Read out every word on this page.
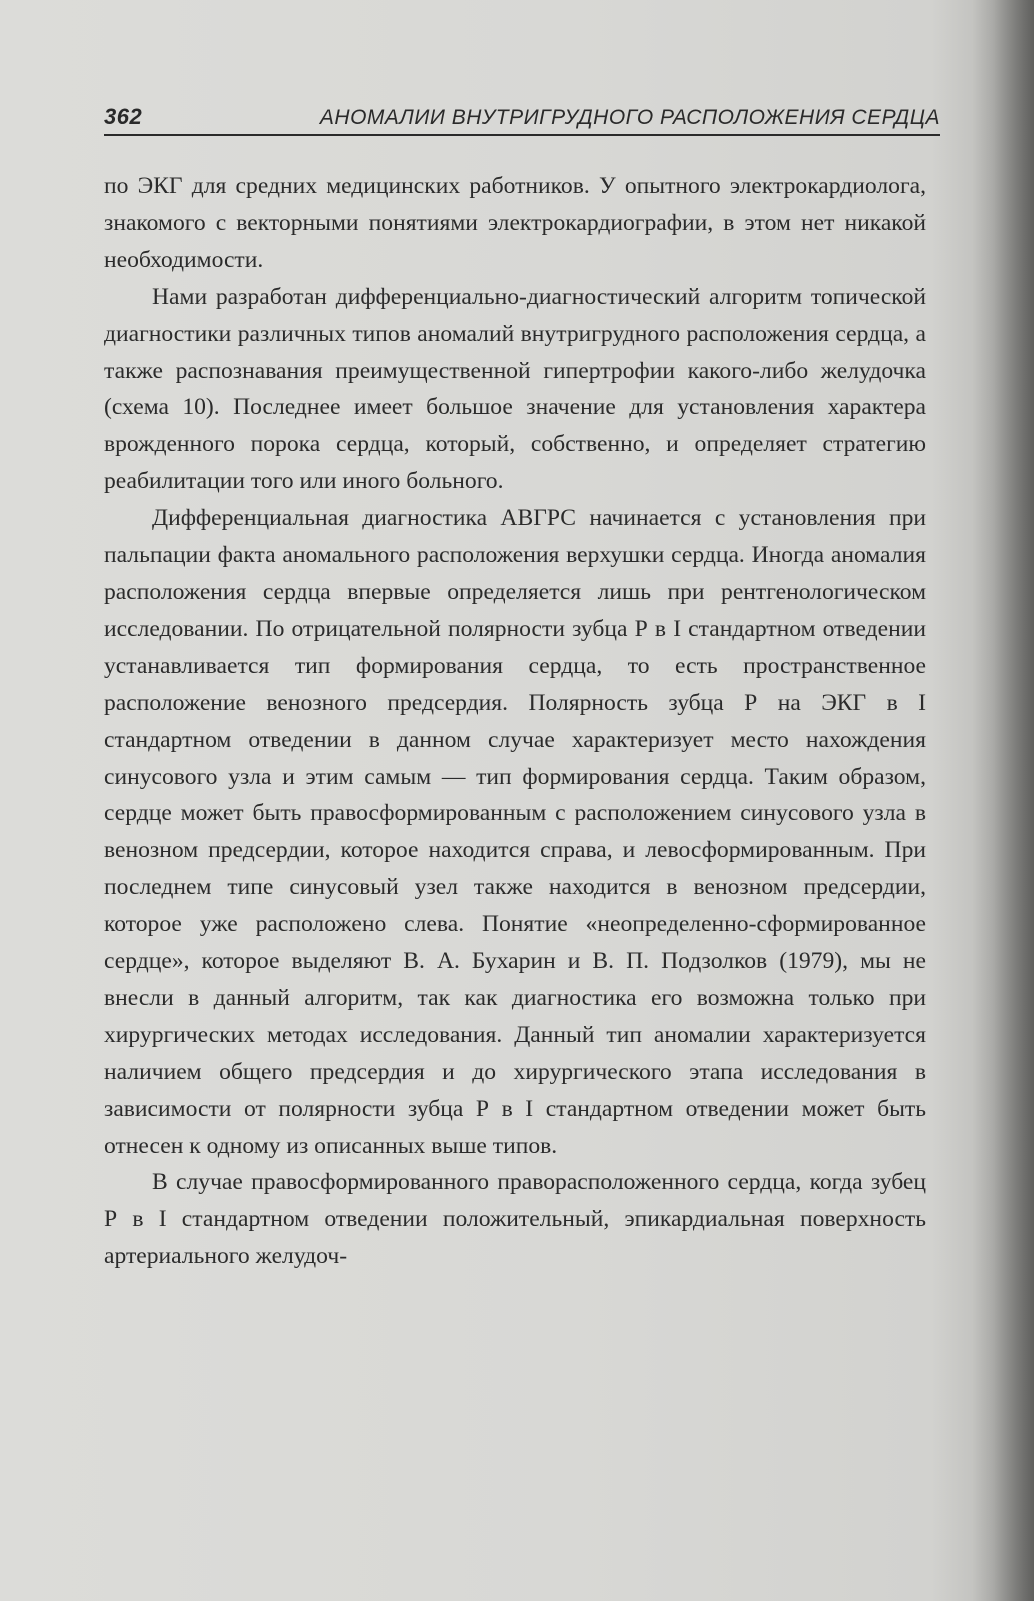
362	АНОМАЛИИ ВНУТРИГРУДНОГО РАСПОЛОЖЕНИЯ СЕРДЦА

по ЭКГ для средних медицинских работников. У опытного электрокардиолога, знакомого с векторными понятиями электрокардиографии, в этом нет никакой необходимости.

Нами разработан дифференциально-диагностический алгоритм топической диагностики различных типов аномалий внутригрудного расположения сердца, а также распознавания преимущественной гипертрофии какого-либо желудочка (схема 10). Последнее имеет большое значение для установления характера врожденного порока сердца, который, собственно, и определяет стратегию реабилитации того или иного больного.

Дифференциальная диагностика АВГРС начинается с установления при пальпации факта аномального расположения верхушки сердца. Иногда аномалия расположения сердца впервые определяется лишь при рентгенологическом исследовании. По отрицательной полярности зубца Р в I стандартном отведении устанавливается тип формирования сердца, то есть пространственное расположение венозного предсердия. Полярность зубца Р на ЭКГ в I стандартном отведении в данном случае характеризует место нахождения синусового узла и этим самым — тип формирования сердца. Таким образом, сердце может быть правосформированным с расположением синусового узла в венозном предсердии, которое находится справа, и левосформированным. При последнем типе синусовый узел также находится в венозном предсердии, которое уже расположено слева. Понятие «неопределенно-сформированное сердце», которое выделяют В. А. Бухарин и В. П. Подзолков (1979), мы не внесли в данный алгоритм, так как диагностика его возможна только при хирургических методах исследования. Данный тип аномалии характеризуется наличием общего предсердия и до хирургического этапа исследования в зависимости от полярности зубца Р в I стандартном отведении может быть отнесен к одному из описанных выше типов.

В случае правосформированного праворасположенного сердца, когда зубец Р в I стандартном отведении положительный, эпикардиальная поверхность артериального желудоч-
